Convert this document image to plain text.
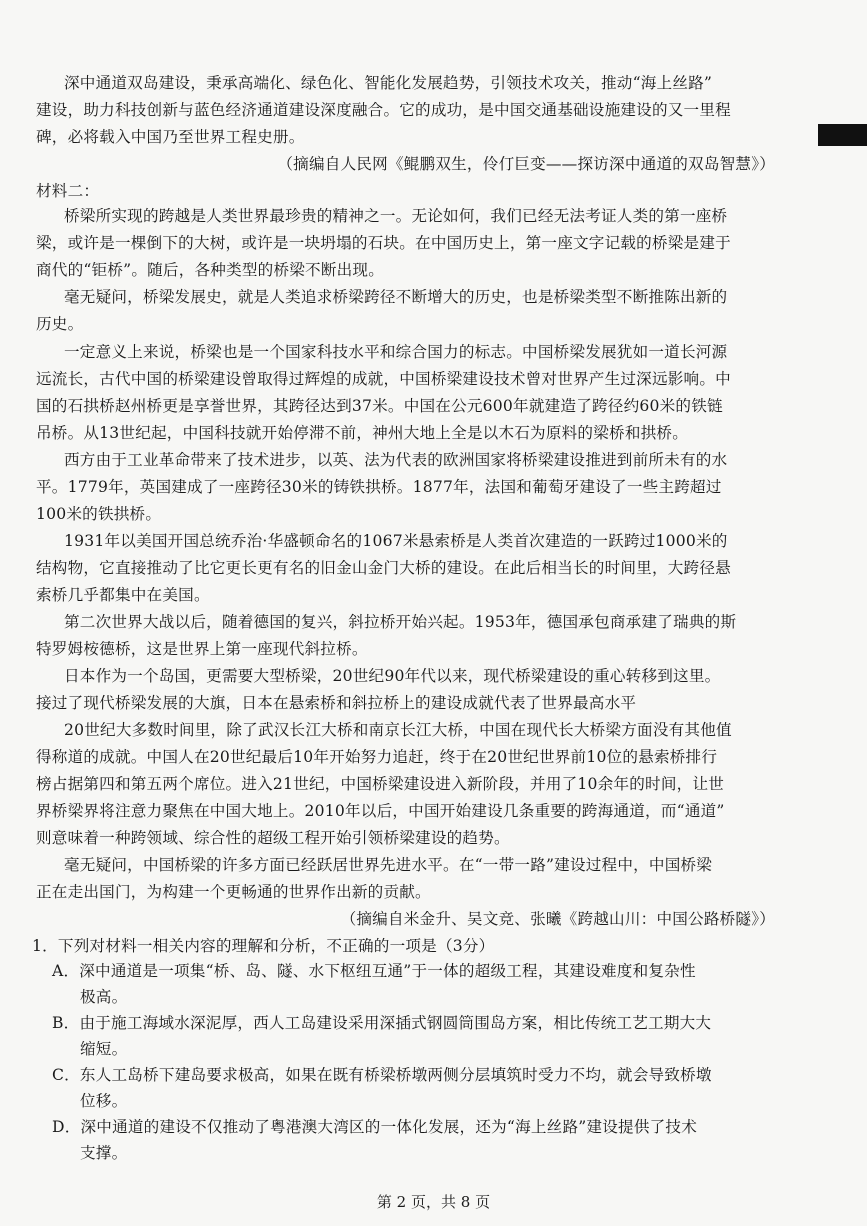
深中通道双岛建设，秉承高端化、绿色化、智能化发展趋势，引领技术攻关，推动“海上丝路”

建设，助力科技创新与蓝色经济通道建设深度融合。它的成功，是中国交通基础设施建设的又一里程

碑，必将载入中国乃至世界工程史册。

（摘编自人民网《鲲鹏双生，伶仃巨变——探访深中通道的双岛智慧》）

材料二：

桥梁所实现的跨越是人类世界最珍贵的精神之一。无论如何，我们已经无法考证人类的第一座桥

梁，或许是一棵倒下的大树，或许是一块坍塌的石块。在中国历史上，第一座文字记载的桥梁是建于

商代的“钜桥”。随后，各种类型的桥梁不断出现。

毫无疑问，桥梁发展史，就是人类追求桥梁跨径不断增大的历史，也是桥梁类型不断推陈出新的

历史。

一定意义上来说，桥梁也是一个国家科技水平和综合国力的标志。中国桥梁发展犹如一道长河源

远流长，古代中国的桥梁建设曾取得过辉煌的成就，中国桥梁建设技术曾对世界产生过深远影响。中

国的石拱桥赵州桥更是享誉世界，其跨径达到37米。中国在公元600年就建造了跨径约60米的铁链

吊桥。从13世纪起，中国科技就开始停滞不前，神州大地上全是以木石为原料的梁桥和拱桥。

西方由于工业革命带来了技术进步，以英、法为代表的欧洲国家将桥梁建设推进到前所未有的水

平。1779年，英国建成了一座跨径30米的铸铁拱桥。1877年，法国和葡萄牙建设了一些主跨超过

100米的铁拱桥。

1931年以美国开国总统乔治·华盛顿命名的1067米悬索桥是人类首次建造的一跃跨过1000米的

结构物，它直接推动了比它更长更有名的旧金山金门大桥的建设。在此后相当长的时间里，大跨径悬

索桥几乎都集中在美国。

第二次世界大战以后，随着德国的复兴，斜拉桥开始兴起。1953年，德国承包商承建了瑞典的斯

特罗姆桉德桥，这是世界上第一座现代斜拉桥。

日本作为一个岛国，更需要大型桥梁，20世纪90年代以来，现代桥梁建设的重心转移到这里。

接过了现代桥梁发展的大旗，日本在悬索桥和斜拉桥上的建设成就代表了世界最高水平

20世纪大多数时间里，除了武汉长江大桥和南京长江大桥，中国在现代长大桥梁方面没有其他值

得称道的成就。中国人在20世纪最后10年开始努力追赶，终于在20世纪世界前10位的悬索桥排行

榜占据第四和第五两个席位。进入21世纪，中国桥梁建设进入新阶段，并用了10余年的时间，让世

界桥梁界将注意力聚焦在中国大地上。2010年以后，中国开始建设几条重要的跨海通道，而“通道”

则意味着一种跨领域、综合性的超级工程开始引领桥梁建设的趋势。

毫无疑问，中国桥梁的许多方面已经跃居世界先进水平。在“一带一路”建设过程中，中国桥梁

正在走出国门，为构建一个更畅通的世界作出新的贡献。

（摘编自米金升、吴文竞、张曦《跨越山川：中国公路桥隧》）

1．下列对材料一相关内容的理解和分析，不正确的一项是（3分）

A．深中通道是一项集“桥、岛、隧、水下枢纽互通”于一体的超级工程，其建设难度和复杂性

极高。

B．由于施工海域水深泥厚，西人工岛建设采用深插式钢圆筒围岛方案，相比传统工艺工期大大

缩短。

C．东人工岛桥下建岛要求极高，如果在既有桥梁桥墩两侧分层填筑时受力不均，就会导致桥墩

位移。

D．深中通道的建设不仅推动了粤港澳大湾区的一体化发展，还为“海上丝路”建设提供了技术

第 2 页，共 8 页

支撑。
